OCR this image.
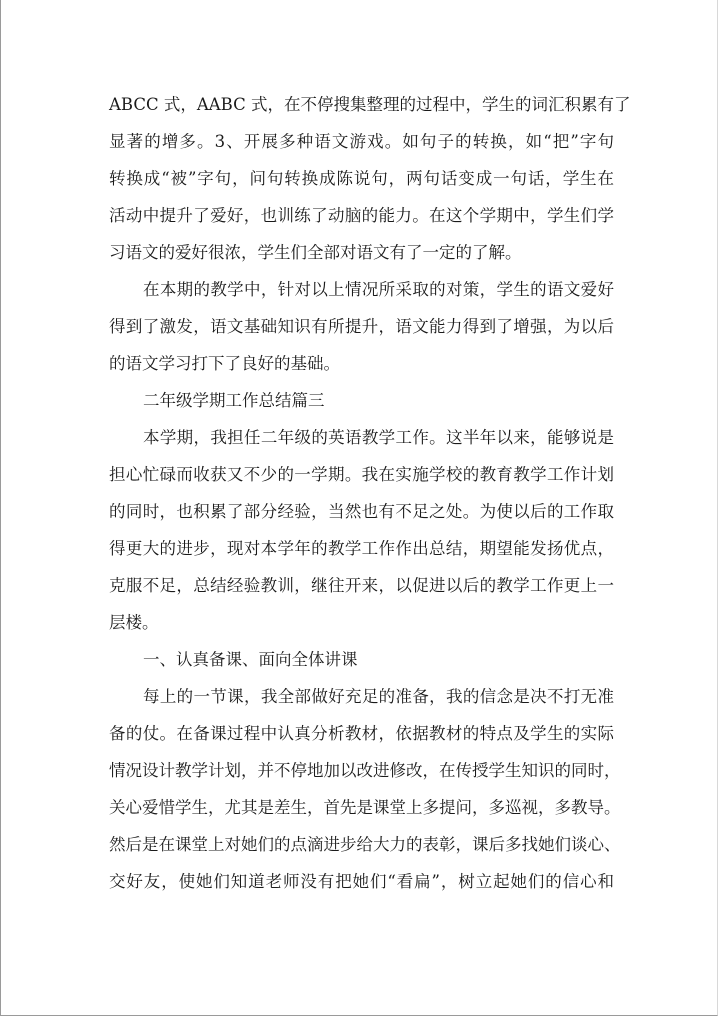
ABCC 式，AABC 式，在不停搜集整理的过程中，学生的词汇积累有了
显著的增多。3、开展多种语文游戏。如句子的转换，如“把”字句
转换成“被”字句，问句转换成陈说句，两句话变成一句话，学生在
活动中提升了爱好，也训练了动脑的能力。在这个学期中，学生们学
习语文的爱好很浓，学生们全部对语文有了一定的了解。
在本期的教学中，针对以上情况所采取的对策，学生的语文爱好
得到了激发，语文基础知识有所提升，语文能力得到了增强，为以后
的语文学习打下了良好的基础。
二年级学期工作总结篇三
本学期，我担任二年级的英语教学工作。这半年以来，能够说是
担心忙碌而收获又不少的一学期。我在实施学校的教育教学工作计划
的同时，也积累了部分经验，当然也有不足之处。为使以后的工作取
得更大的进步，现对本学年的教学工作作出总结，期望能发扬优点，
克服不足，总结经验教训，继往开来，以促进以后的教学工作更上一
层楼。
一、认真备课、面向全体讲课
每上的一节课，我全部做好充足的准备，我的信念是决不打无准
备的仗。在备课过程中认真分析教材，依据教材的特点及学生的实际
情况设计教学计划，并不停地加以改进修改，在传授学生知识的同时，
关心爱惜学生，尤其是差生，首先是课堂上多提问，多巡视，多教导。
然后是在课堂上对她们的点滴进步给大力的表彰，课后多找她们谈心、
交好友，使她们知道老师没有把她们“看扁”，树立起她们的信心和
